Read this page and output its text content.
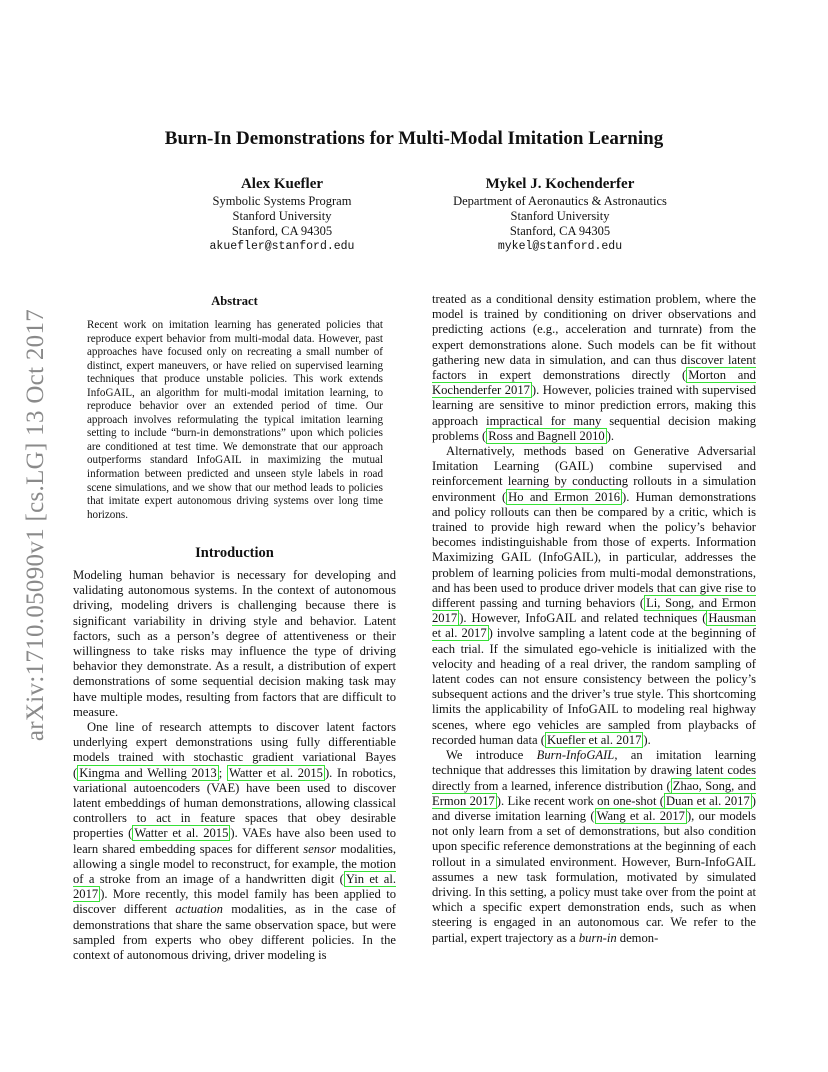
arXiv:1710.05090v1 [cs.LG] 13 Oct 2017
Burn-In Demonstrations for Multi-Modal Imitation Learning
Alex Kuefler
Symbolic Systems Program
Stanford University
Stanford, CA 94305
akuefler@stanford.edu
Mykel J. Kochenderfer
Department of Aeronautics & Astronautics
Stanford University
Stanford, CA 94305
mykel@stanford.edu
Abstract
Recent work on imitation learning has generated policies that reproduce expert behavior from multi-modal data. However, past approaches have focused only on recreating a small number of distinct, expert maneuvers, or have relied on supervised learning techniques that produce unstable policies. This work extends InfoGAIL, an algorithm for multi-modal imitation learning, to reproduce behavior over an extended period of time. Our approach involves reformulating the typical imitation learning setting to include “burn-in demonstrations” upon which policies are conditioned at test time. We demonstrate that our approach outperforms standard InfoGAIL in maximizing the mutual information between predicted and unseen style labels in road scene simulations, and we show that our method leads to policies that imitate expert autonomous driving systems over long time horizons.
Introduction

Modeling human behavior is necessary for developing and validating autonomous systems. In the context of autonomous driving, modeling drivers is challenging because there is significant variability in driving style and behavior. Latent factors, such as a person’s degree of attentiveness or their willingness to take risks may influence the type of driving behavior they demonstrate. As a result, a distribution of expert demonstrations of some sequential decision making task may have multiple modes, resulting from factors that are difficult to measure.

One line of research attempts to discover latent factors underlying expert demonstrations using fully differentiable models trained with stochastic gradient variational Bayes ( Kingma and Welling 2013 ; Watter et al. 2015 ). In robotics, variational autoencoders (VAE) have been used to discover latent embeddings of human demonstrations, allowing classical controllers to act in feature spaces that obey desirable properties ( Watter et al. 2015 ). VAEs have also been used to learn shared embedding spaces for different sensor modalities, allowing a single model to reconstruct, for example, the motion of a stroke from an image of a handwritten digit ( Yin et al. 2017 ). More recently, this model family has been applied to discover different actuation modalities, as in the case of demonstrations that share the same observation space, but were sampled from experts who obey different policies. In the context of autonomous driving, driver modeling is

treated as a conditional density estimation problem, where the model is trained by conditioning on driver observations and predicting actions (e.g., acceleration and turnrate) from the expert demonstrations alone. Such models can be fit without gathering new data in simulation, and can thus discover latent factors in expert demonstrations directly ( Morton and Kochenderfer 2017 ). However, policies trained with supervised learning are sensitive to minor prediction errors, making this approach impractical for many sequential decision making problems ( Ross and Bagnell 2010 ).

Alternatively, methods based on Generative Adversarial Imitation Learning (GAIL) combine supervised and reinforcement learning by conducting rollouts in a simulation environment ( Ho and Ermon 2016 ). Human demonstrations and policy rollouts can then be compared by a critic, which is trained to provide high reward when the policy’s behavior becomes indistinguishable from those of experts. Information Maximizing GAIL (InfoGAIL), in particular, addresses the problem of learning policies from multi-modal demonstrations, and has been used to produce driver models that can give rise to different passing and turning behaviors ( Li, Song, and Ermon 2017 ). However, InfoGAIL and related techniques ( Hausman et al. 2017 ) involve sampling a latent code at the beginning of each trial. If the simulated ego-vehicle is initialized with the velocity and heading of a real driver, the random sampling of latent codes can not ensure consistency between the policy’s subsequent actions and the driver’s true style. This shortcoming limits the applicability of InfoGAIL to modeling real highway scenes, where ego vehicles are sampled from playbacks of recorded human data ( Kuefler et al. 2017 ).

We introduce Burn-InfoGAIL, an imitation learning technique that addresses this limitation by drawing latent codes directly from a learned, inference distribution ( Zhao, Song, and Ermon 2017 ). Like recent work on one-shot ( Duan et al. 2017 ) and diverse imitation learning ( Wang et al. 2017 ), our models not only learn from a set of demonstrations, but also condition upon specific reference demonstrations at the beginning of each rollout in a simulated environment. However, Burn-InfoGAIL assumes a new task formulation, motivated by simulated driving. In this setting, a policy must take over from the point at which a specific expert demonstration ends, such as when steering is engaged in an autonomous car. We refer to the partial, expert trajectory as a burn-in demon-
